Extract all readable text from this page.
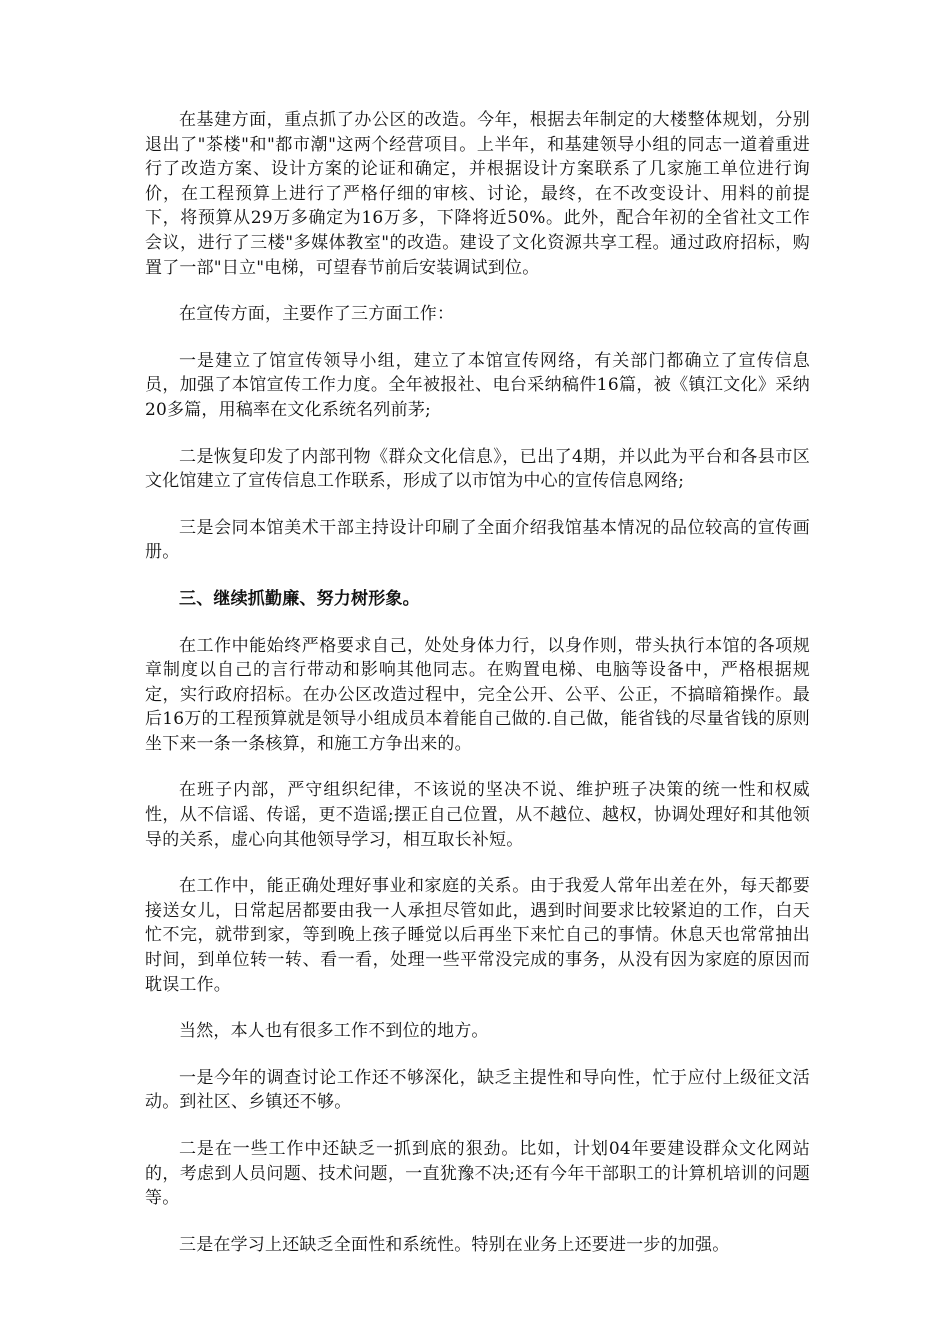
在基建方面，重点抓了办公区的改造。今年，根据去年制定的大楼整体规划，分别退出了"茶楼"和"都市潮"这两个经营项目。上半年，和基建领导小组的同志一道着重进行了改造方案、设计方案的论证和确定，并根据设计方案联系了几家施工单位进行询价，在工程预算上进行了严格仔细的审核、讨论，最终，在不改变设计、用料的前提下，将预算从29万多确定为16万多，下降将近50%。此外，配合年初的全省社文工作会议，进行了三楼"多媒体教室"的改造。建设了文化资源共享工程。通过政府招标，购置了一部"日立"电梯，可望春节前后安装调试到位。

在宣传方面，主要作了三方面工作：

一是建立了馆宣传领导小组，建立了本馆宣传网络，有关部门都确立了宣传信息员，加强了本馆宣传工作力度。全年被报社、电台采纳稿件16篇，被《镇江文化》采纳20多篇，用稿率在文化系统名列前茅;

二是恢复印发了内部刊物《群众文化信息》，已出了4期，并以此为平台和各县市区文化馆建立了宣传信息工作联系，形成了以市馆为中心的宣传信息网络;

三是会同本馆美术干部主持设计印刷了全面介绍我馆基本情况的品位较高的宣传画册。

三、继续抓勤廉、努力树形象。

在工作中能始终严格要求自己，处处身体力行，以身作则，带头执行本馆的各项规章制度以自己的言行带动和影响其他同志。在购置电梯、电脑等设备中，严格根据规定，实行政府招标。在办公区改造过程中，完全公开、公平、公正，不搞暗箱操作。最后16万的工程预算就是领导小组成员本着能自己做的.自己做，能省钱的尽量省钱的原则坐下来一条一条核算，和施工方争出来的。

在班子内部，严守组织纪律，不该说的坚决不说、维护班子决策的统一性和权威性，从不信谣、传谣，更不造谣;摆正自己位置，从不越位、越权，协调处理好和其他领导的关系，虚心向其他领导学习，相互取长补短。

在工作中，能正确处理好事业和家庭的关系。由于我爱人常年出差在外，每天都要接送女儿，日常起居都要由我一人承担尽管如此，遇到时间要求比较紧迫的工作，白天忙不完，就带到家，等到晚上孩子睡觉以后再坐下来忙自己的事情。休息天也常常抽出时间，到单位转一转、看一看，处理一些平常没完成的事务，从没有因为家庭的原因而耽误工作。

当然，本人也有很多工作不到位的地方。

一是今年的调查讨论工作还不够深化，缺乏主提性和导向性，忙于应付上级征文活动。到社区、乡镇还不够。

二是在一些工作中还缺乏一抓到底的狠劲。比如，计划04年要建设群众文化网站的，考虑到人员问题、技术问题，一直犹豫不决;还有今年干部职工的计算机培训的问题等。

三是在学习上还缺乏全面性和系统性。特别在业务上还要进一步的加强。
